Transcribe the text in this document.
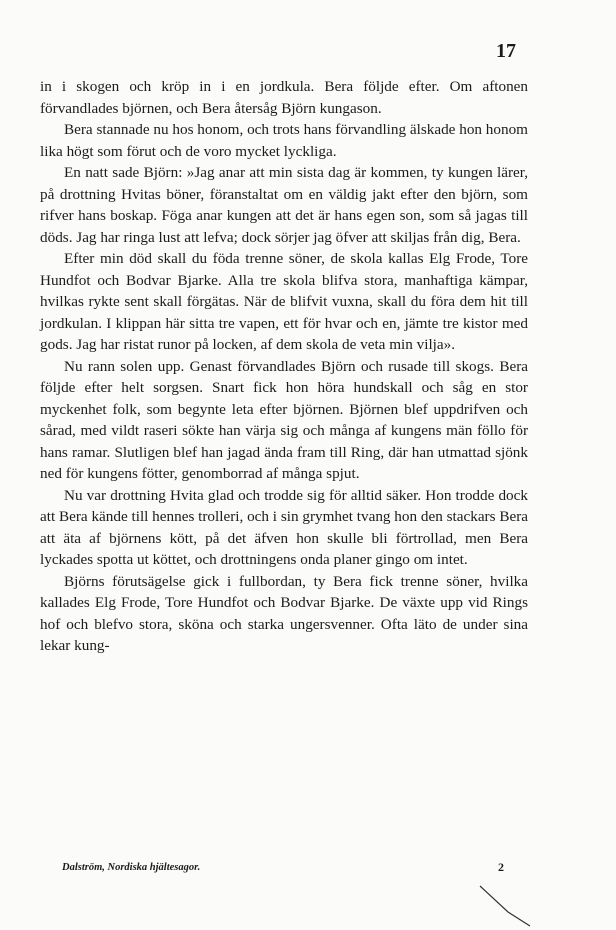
17

in i skogen och kröp in i en jordkula. Bera följde efter. Om aftonen förvandlades björnen, och Bera återsåg Björn kungason.

Bera stannade nu hos honom, och trots hans förvandling älskade hon honom lika högt som förut och de voro mycket lyckliga.

En natt sade Björn: »Jag anar att min sista dag är kommen, ty kungen lärer, på drottning Hvitas böner, föranstaltat om en väldig jakt efter den björn, som rifver hans boskap. Föga anar kungen att det är hans egen son, som så jagas till döds. Jag har ringa lust att lefva; dock sörjer jag öfver att skiljas från dig, Bera.

Efter min död skall du föda trenne söner, de skola kallas Elg Frode, Tore Hundfot och Bodvar Bjarke. Alla tre skola blifva stora, manhaftiga kämpar, hvilkas rykte sent skall förgätas. När de blifvit vuxna, skall du föra dem hit till jordkulan. I klippan här sitta tre vapen, ett för hvar och en, jämte tre kistor med gods. Jag har ristat runor på locken, af dem skola de veta min vilja».

Nu rann solen upp. Genast förvandlades Björn och rusade till skogs. Bera följde efter helt sorgsen. Snart fick hon höra hundskall och såg en stor myckenhet folk, som begynte leta efter björnen. Björnen blef uppdrifven och sårad, med vildt raseri sökte han värja sig och många af kungens män föllo för hans ramar. Slutligen blef han jagad ända fram till Ring, där han utmattad sjönk ned för kungens fötter, genomborrad af många spjut.

Nu var drottning Hvita glad och trodde sig för alltid säker. Hon trodde dock att Bera kände till hennes trolleri, och i sin grymhet tvang hon den stackars Bera att äta af björnens kött, på det äfven hon skulle bli förtrollad, men Bera lyckades spotta ut köttet, och drottningens onda planer gingo om intet.

Björns förutsägelse gick i fullbordan, ty Bera fick trenne söner, hvilka kallades Elg Frode, Tore Hundfot och Bodvar Bjarke. De växte upp vid Rings hof och blefvo stora, sköna och starka ungersvenner. Ofta läto de under sina lekar kung-

Dalström, Nordiska hjältesagor.	2
